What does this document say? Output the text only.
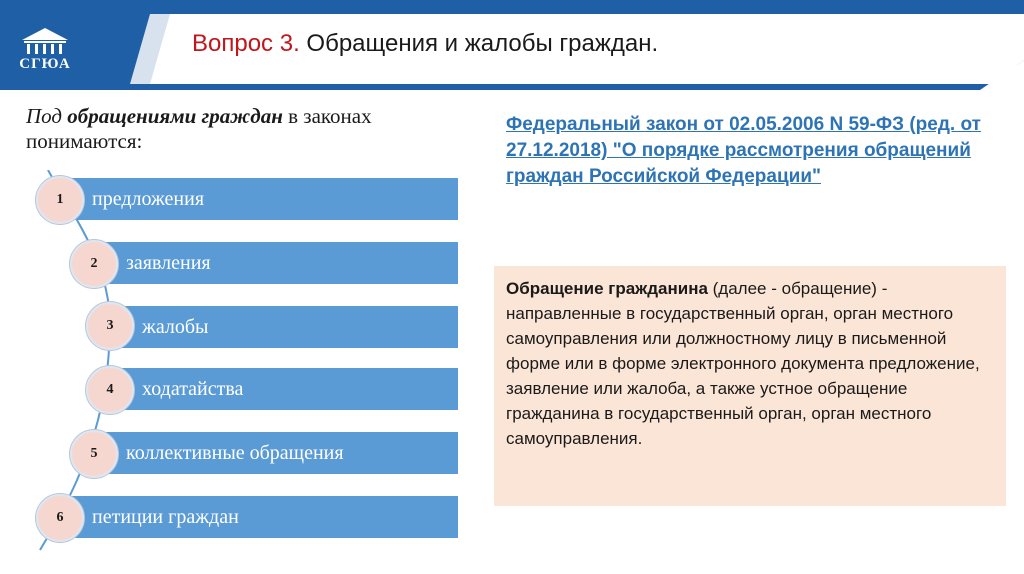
СГЮА
Вопрос 3. Обращения и жалобы граждан.
Под обращениями граждан в законах понимаются:
предложения
заявления
жалобы
ходатайства
коллективные обращения
петиции граждан
1
2
3
4
5
6
Федеральный закон от 02.05.2006 N 59-ФЗ (ред. от 27.12.2018) "О порядке рассмотрения обращений граждан Российской Федерации"
Обращение гражданина (далее - обращение) - направленные в государственный орган, орган местного самоуправления или должностному лицу в письменной форме или в форме электронного документа предложение, заявление или жалоба, а также устное обращение гражданина в государственный орган, орган местного самоуправления.
